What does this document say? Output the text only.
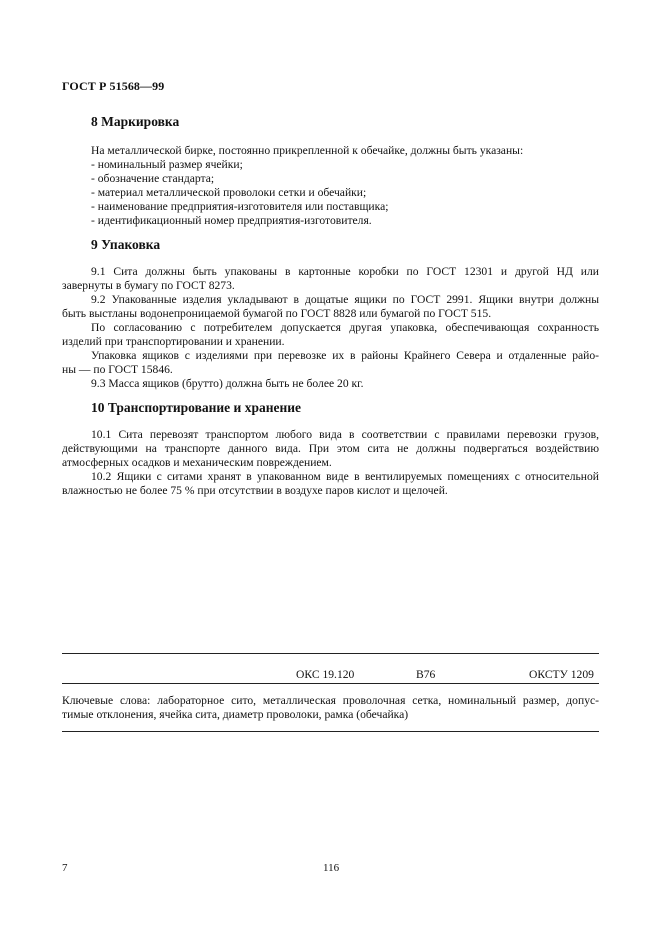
ГОСТ Р 51568—99
8 Маркировка
На металлической бирке, постоянно прикрепленной к обечайке, должны быть указаны:
- номинальный размер ячейки;
- обозначение стандарта;
- материал металлической проволоки сетки и обечайки;
- наименование предприятия-изготовителя или поставщика;
- идентификационный номер предприятия-изготовителя.
9 Упаковка
9.1 Сита должны быть упакованы в картонные коробки по ГОСТ 12301 и другой НД или
завернуты в бумагу по ГОСТ 8273.
9.2 Упакованные изделия укладывают в дощатые ящики по ГОСТ 2991. Ящики внутри должны
быть выстланы водонепроницаемой бумагой по ГОСТ 8828 или бумагой по ГОСТ 515.
По согласованию с потребителем допускается другая упаковка, обеспечивающая сохранность
изделий при транспортировании и хранении.
Упаковка ящиков с изделиями при перевозке их в районы Крайнего Севера и отдаленные райо-
ны — по ГОСТ 15846.
9.3 Масса ящиков (брутто) должна быть не более 20 кг.
10 Транспортирование и хранение
10.1 Сита перевозят транспортом любого вида в соответствии с правилами перевозки грузов,
действующими на транспорте данного вида. При этом сита не должны подвергаться воздействию
атмосферных осадков и механическим повреждением.
10.2 Ящики с ситами хранят в упакованном виде в вентилируемых помещениях с относительной
влажностью не более 75 % при отсутствии в воздухе паров кислот и щелочей.
ОКС 19.120	В76	ОКСТУ 1209
Ключевые слова: лабораторное сито, металлическая проволочная сетка, номинальный размер, допус-
тимые отклонения, ячейка сита, диаметр проволоки, рамка (обечайка)
7	116
